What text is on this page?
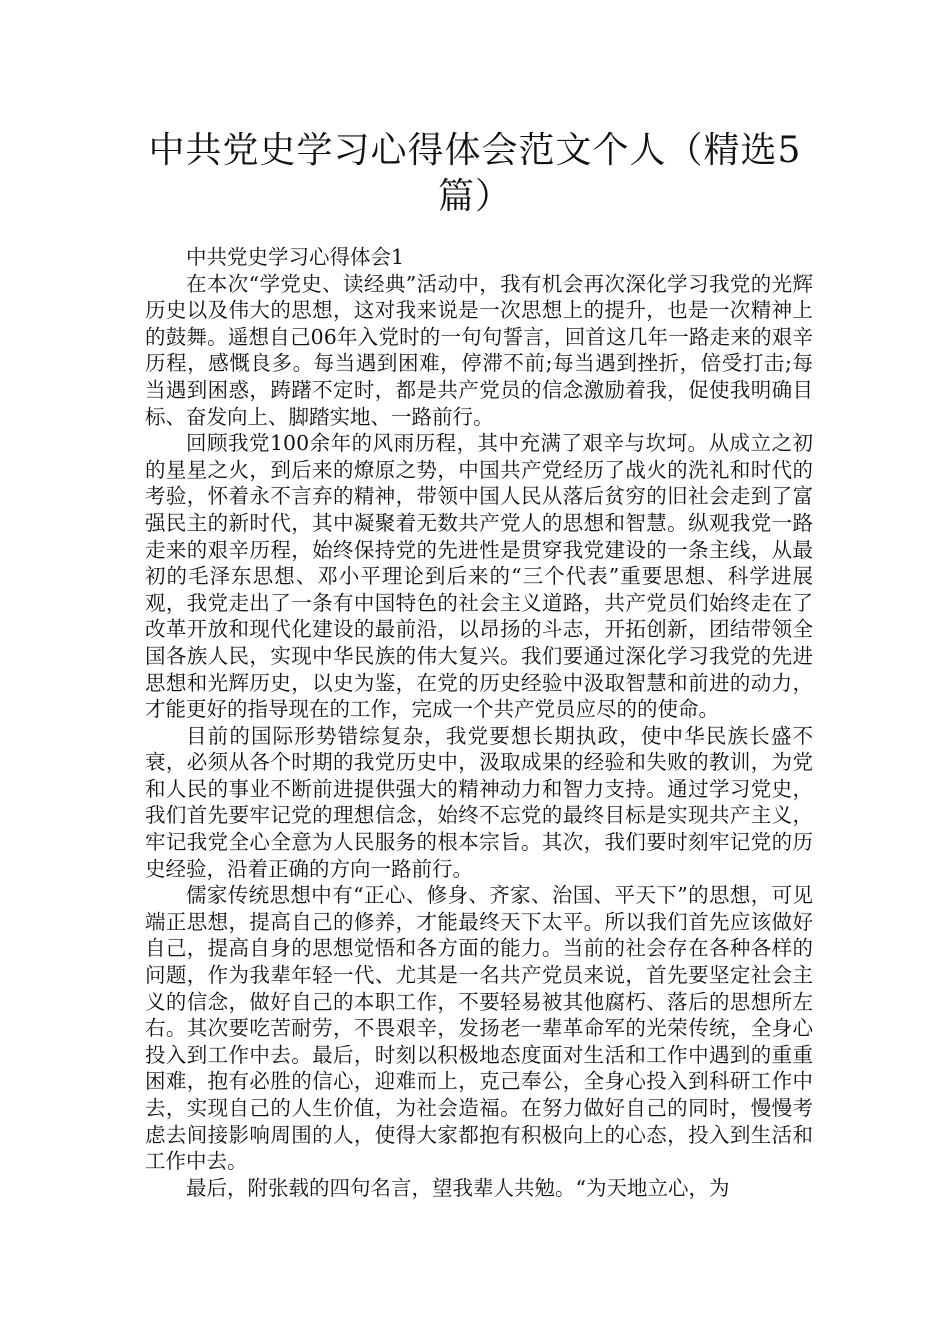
中共党史学习心得体会范文个人（精选5篇）

中共党史学习心得体会1

在本次“学党史、读经典”活动中，我有机会再次深化学习我党的光辉历史以及伟大的思想，这对我来说是一次思想上的提升，也是一次精神上的鼓舞。遥想自己06年入党时的一句句誓言，回首这几年一路走来的艰辛历程，感慨良多。每当遇到困难，停滞不前;每当遇到挫折，倍受打击;每当遇到困惑，踌躇不定时，都是共产党员的信念激励着我，促使我明确目标、奋发向上、脚踏实地、一路前行。

回顾我党100余年的风雨历程，其中充满了艰辛与坎坷。从成立之初的星星之火，到后来的燎原之势，中国共产党经历了战火的洗礼和时代的考验，怀着永不言弃的精神，带领中国人民从落后贫穷的旧社会走到了富强民主的新时代，其中凝聚着无数共产党人的思想和智慧。纵观我党一路走来的艰辛历程，始终保持党的先进性是贯穿我党建设的一条主线，从最初的毛泽东思想、邓小平理论到后来的“三个代表”重要思想、科学进展观，我党走出了一条有中国特色的社会主义道路，共产党员们始终走在了改革开放和现代化建设的最前沿，以昂扬的斗志，开拓创新，团结带领全国各族人民，实现中华民族的伟大复兴。我们要通过深化学习我党的先进思想和光辉历史，以史为鉴，在党的历史经验中汲取智慧和前进的动力，才能更好的指导现在的工作，完成一个共产党员应尽的的使命。

目前的国际形势错综复杂，我党要想长期执政，使中华民族长盛不衰，必须从各个时期的我党历史中，汲取成果的经验和失败的教训，为党和人民的事业不断前进提供强大的精神动力和智力支持。通过学习党史，我们首先要牢记党的理想信念，始终不忘党的最终目标是实现共产主义，牢记我党全心全意为人民服务的根本宗旨。其次，我们要时刻牢记党的历史经验，沿着正确的方向一路前行。

儒家传统思想中有“正心、修身、齐家、治国、平天下”的思想，可见端正思想，提高自己的修养，才能最终天下太平。所以我们首先应该做好自己，提高自身的思想觉悟和各方面的能力。当前的社会存在各种各样的问题，作为我辈年轻一代、尤其是一名共产党员来说，首先要坚定社会主义的信念，做好自己的本职工作，不要轻易被其他腐朽、落后的思想所左右。其次要吃苦耐劳，不畏艰辛，发扬老一辈革命军的光荣传统，全身心投入到工作中去。最后，时刻以积极地态度面对生活和工作中遇到的重重困难，抱有必胜的信心，迎难而上，克己奉公，全身心投入到科研工作中去，实现自己的人生价值，为社会造福。在努力做好自己的同时，慢慢考虑去间接影响周围的人，使得大家都抱有积极向上的心态，投入到生活和工作中去。

最后，附张载的四句名言，望我辈人共勉。“为天地立心，为
